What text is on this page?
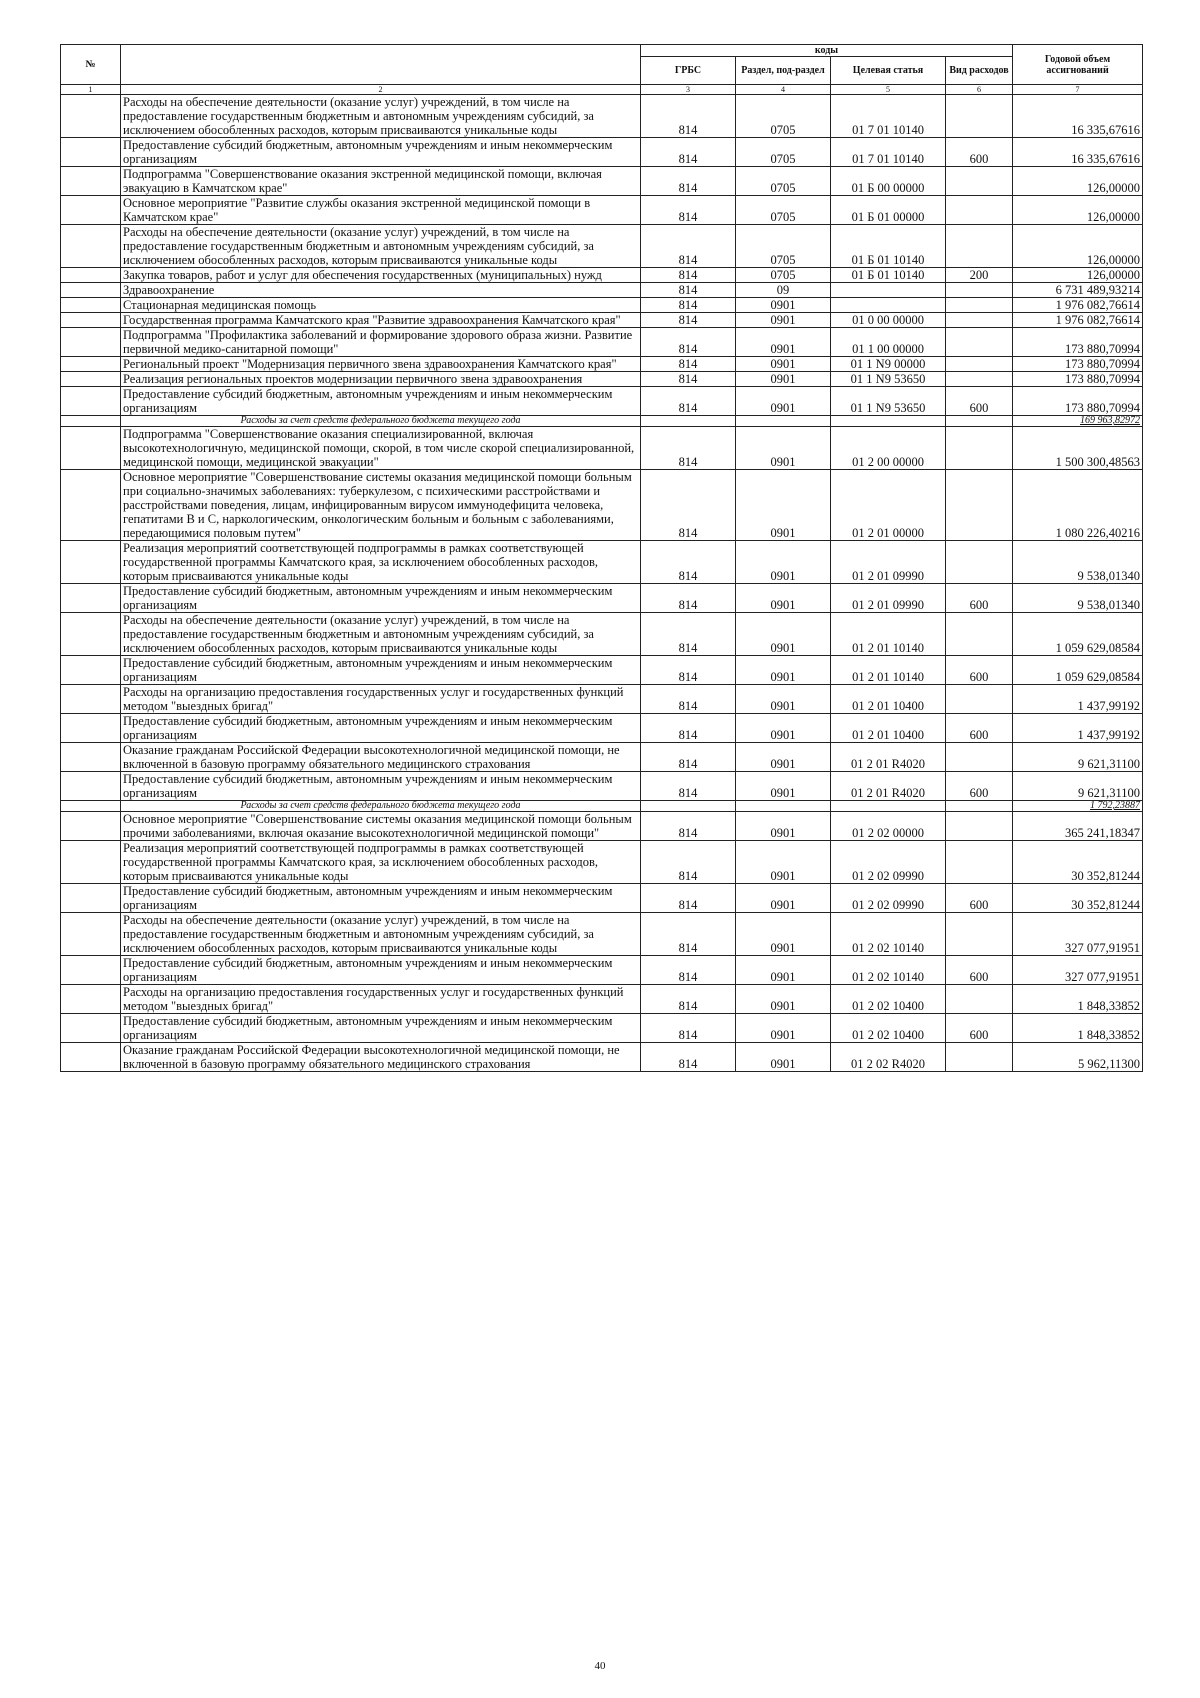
№		коды				Годовой объем ассигнований
		ГРБС	Раздел, под-раздел	Целевая статья	Вид расходов	
1	2	3	4	5	6	7
	Расходы на обеспечение деятельности (оказание услуг) учреждений, в том числе на предоставление государственным бюджетным и автономным учреждениям субсидий, за исключением обособленных расходов, которым присваиваются уникальные коды	814	0705	01 7 01 10140		16 335,67616
	Предоставление субсидий бюджетным, автономным учреждениям и иным некоммерческим организациям	814	0705	01 7 01 10140	600	16 335,67616
	Подпрограмма "Совершенствование оказания экстренной медицинской помощи, включая эвакуацию в Камчатском крае"	814	0705	01 Б 00 00000		126,00000
	Основное мероприятие "Развитие службы оказания экстренной медицинской помощи в Камчатском крае"	814	0705	01 Б 01 00000		126,00000
	Расходы на обеспечение деятельности (оказание услуг) учреждений, в том числе на предоставление государственным бюджетным и автономным учреждениям субсидий, за исключением обособленных расходов, которым присваиваются уникальные коды	814	0705	01 Б 01 10140		126,00000
	Закупка товаров, работ и услуг для обеспечения государственных (муниципальных) нужд	814	0705	01 Б 01 10140	200	126,00000
	Здравоохранение	814	09			6 731 489,93214
	Стационарная медицинская помощь	814	0901			1 976 082,76614
	Государственная программа Камчатского края "Развитие здравоохранения Камчатского края"	814	0901	01 0 00 00000		1 976 082,76614
	Подпрограмма "Профилактика заболеваний и формирование здорового образа жизни. Развитие первичной медико-санитарной помощи"	814	0901	01 1 00 00000		173 880,70994
	Региональный проект "Модернизация первичного звена здравоохранения Камчатского края"	814	0901	01 1 N9 00000		173 880,70994
	Реализация региональных проектов модернизации первичного звена здравоохранения	814	0901	01 1 N9 53650		173 880,70994
	Предоставление субсидий бюджетным, автономным учреждениям и иным некоммерческим организациям	814	0901	01 1 N9 53650	600	173 880,70994
	Расходы за счет средств федерального бюджета текущего года					169 963,82972
	Подпрограмма "Совершенствование оказания специализированной, включая высокотехнологичную, медицинской помощи, скорой, в том числе скорой специализированной, медицинской помощи, медицинской эвакуации"	814	0901	01 2 00 00000		1 500 300,48563
	Основное мероприятие "Совершенствование системы оказания медицинской помощи больным при социально-значимых заболеваниях: туберкулезом, с психическими расстройствами и расстройствами поведения, лицам, инфицированным вирусом иммунодефицита человека, гепатитами В и С, наркологическим, онкологическим больным и больным с заболеваниями, передающимися половым путем"	814	0901	01 2 01 00000		1 080 226,40216
	Реализация мероприятий соответствующей подпрограммы в рамках соответствующей государственной программы Камчатского края, за исключением обособленных расходов, которым присваиваются уникальные коды	814	0901	01 2 01 09990		9 538,01340
	Предоставление субсидий бюджетным, автономным учреждениям и иным некоммерческим организациям	814	0901	01 2 01 09990	600	9 538,01340
	Расходы на обеспечение деятельности (оказание услуг) учреждений, в том числе на предоставление государственным бюджетным и автономным учреждениям субсидий, за исключением обособленных расходов, которым присваиваются уникальные коды	814	0901	01 2 01 10140		1 059 629,08584
	Предоставление субсидий бюджетным, автономным учреждениям и иным некоммерческим организациям	814	0901	01 2 01 10140	600	1 059 629,08584
	Расходы на организацию предоставления государственных услуг и государственных функций методом "выездных бригад"	814	0901	01 2 01 10400		1 437,99192
	Предоставление субсидий бюджетным, автономным учреждениям и иным некоммерческим организациям	814	0901	01 2 01 10400	600	1 437,99192
	Оказание гражданам Российской Федерации высокотехнологичной медицинской помощи, не включенной в базовую программу обязательного медицинского страхования	814	0901	01 2 01 R4020		9 621,31100
	Предоставление субсидий бюджетным, автономным учреждениям и иным некоммерческим организациям	814	0901	01 2 01 R4020	600	9 621,31100
	Расходы за счет средств федерального бюджета текущего года					1 792,23887
	Основное мероприятие "Совершенствование системы оказания медицинской помощи больным прочими заболеваниями, включая оказание высокотехнологичной медицинской помощи"	814	0901	01 2 02 00000		365 241,18347
	Реализация мероприятий соответствующей подпрограммы в рамках соответствующей государственной программы Камчатского края, за исключением обособленных расходов, которым присваиваются уникальные коды	814	0901	01 2 02 09990		30 352,81244
	Предоставление субсидий бюджетным, автономным учреждениям и иным некоммерческим организациям	814	0901	01 2 02 09990	600	30 352,81244
	Расходы на обеспечение деятельности (оказание услуг) учреждений, в том числе на предоставление государственным бюджетным и автономным учреждениям субсидий, за исключением обособленных расходов, которым присваиваются уникальные коды	814	0901	01 2 02 10140		327 077,91951
	Предоставление субсидий бюджетным, автономным учреждениям и иным некоммерческим организациям	814	0901	01 2 02 10140	600	327 077,91951
	Расходы на организацию предоставления государственных услуг и государственных функций методом "выездных бригад"	814	0901	01 2 02 10400		1 848,33852
	Предоставление субсидий бюджетным, автономным учреждениям и иным некоммерческим организациям	814	0901	01 2 02 10400	600	1 848,33852
	Оказание гражданам Российской Федерации высокотехнологичной медицинской помощи, не включенной в базовую программу обязательного медицинского страхования	814	0901	01 2 02 R4020		5 962,11300
40
